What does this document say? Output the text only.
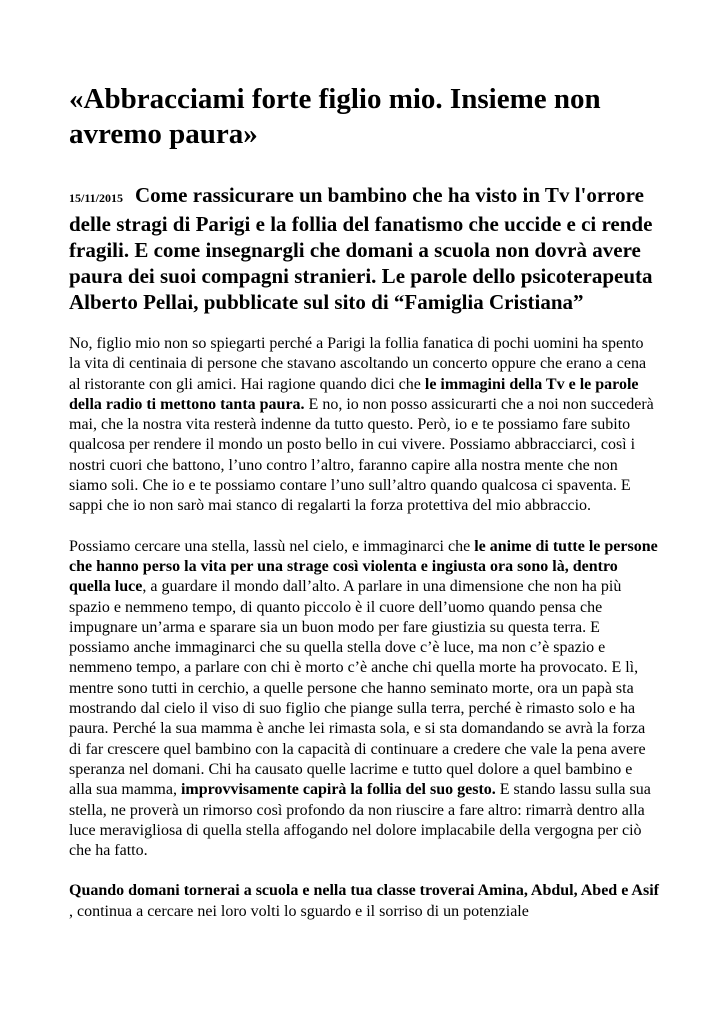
«Abbracciami forte figlio mio. Insieme non avremo paura»
15/11/2015 Come rassicurare un bambino che ha visto in Tv l'orrore delle stragi di Parigi e la follia del fanatismo che uccide e ci rende fragili. E come insegnargli che domani a scuola non dovrà avere paura dei suoi compagni stranieri. Le parole dello psicoterapeuta Alberto Pellai, pubblicate sul sito di “Famiglia Cristiana”

No, figlio mio non so spiegarti perché a Parigi la follia fanatica di pochi uomini ha spento la vita di centinaia di persone che stavano ascoltando un concerto oppure che erano a cena al ristorante con gli amici. Hai ragione quando dici che le immagini della Tv e le parole della radio ti mettono tanta paura. E no, io non posso assicurarti che a noi non succederà mai, che la nostra vita resterà indenne da tutto questo. Però, io e te possiamo fare subito qualcosa per rendere il mondo un posto bello in cui vivere. Possiamo abbracciarci, così i nostri cuori che battono, l’uno contro l’altro, faranno capire alla nostra mente che non siamo soli. Che io e te possiamo contare l’uno sull’altro quando qualcosa ci spaventa. E sappi che io non sarò mai stanco di regalarti la forza protettiva del mio abbraccio.

Possiamo cercare una stella, lassù nel cielo, e immaginarci che le anime di tutte le persone che hanno perso la vita per una strage così violenta e ingiusta ora sono là, dentro quella luce, a guardare il mondo dall’alto. A parlare in una dimensione che non ha più spazio e nemmeno tempo, di quanto piccolo è il cuore dell’uomo quando pensa che impugnare un’arma e sparare sia un buon modo per fare giustizia su questa terra. E possiamo anche immaginarci che su quella stella dove c’è luce, ma non c’è spazio e nemmeno tempo, a parlare con chi è morto c’è anche chi quella morte ha provocato. E lì, mentre sono tutti in cerchio, a quelle persone che hanno seminato morte, ora un papà sta mostrando dal cielo il viso di suo figlio che piange sulla terra, perché è rimasto solo e ha paura. Perché la sua mamma è anche lei rimasta sola, e si sta domandando se avrà la forza di far crescere quel bambino con la capacità di continuare a credere che vale la pena avere speranza nel domani. Chi ha causato quelle lacrime e tutto quel dolore a quel bambino e alla sua mamma, improvvisamente capirà la follia del suo gesto. E stando lassu sulla sua stella, ne proverà un rimorso così profondo da non riuscire a fare altro: rimarrà dentro alla luce meravigliosa di quella stella affogando nel dolore implacabile della vergogna per ciò che ha fatto.

Quando domani tornerai a scuola e nella tua classe troverai Amina, Abdul, Abed e Asif , continua a cercare nei loro volti lo sguardo e il sorriso di un potenziale
